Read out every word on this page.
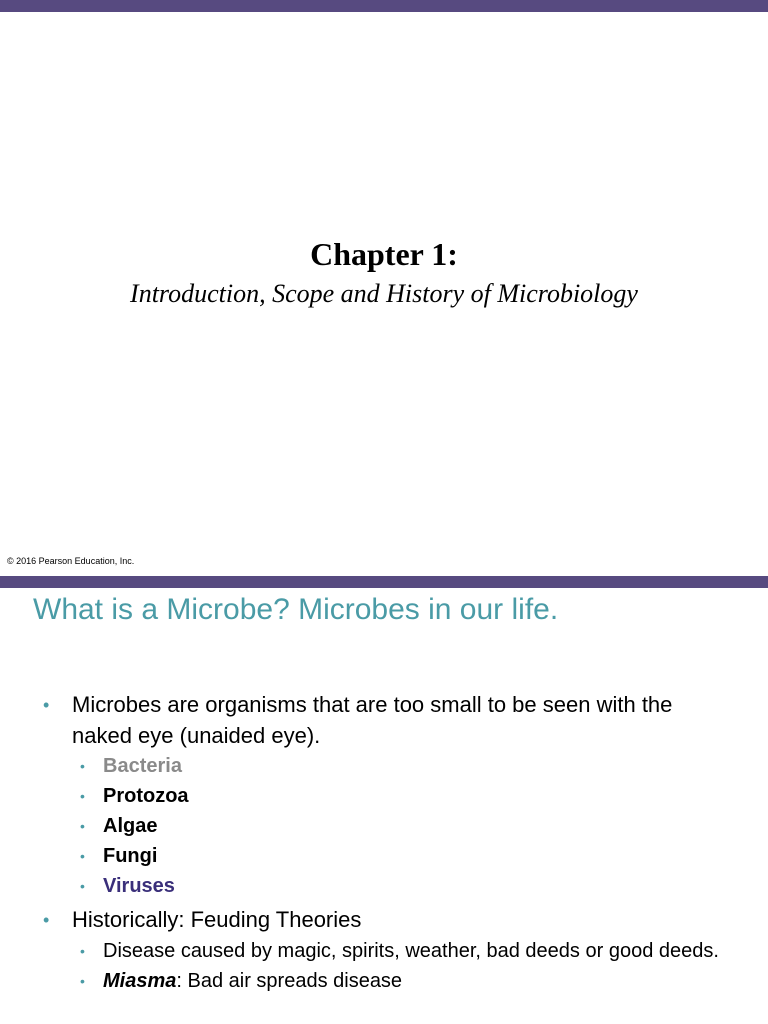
Chapter 1:

Introduction, Scope and History of Microbiology

© 2016 Pearson Education, Inc.
What is a Microbe? Microbes in our life.
• Microbes are organisms that are too small to be seen with the naked eye (unaided eye).
• Bacteria
• Protozoa
• Algae
• Fungi
• Viruses
• Historically: Feuding Theories
• Disease caused by magic, spirits, weather, bad deeds or good deeds.
• Miasma: Bad air spreads disease
